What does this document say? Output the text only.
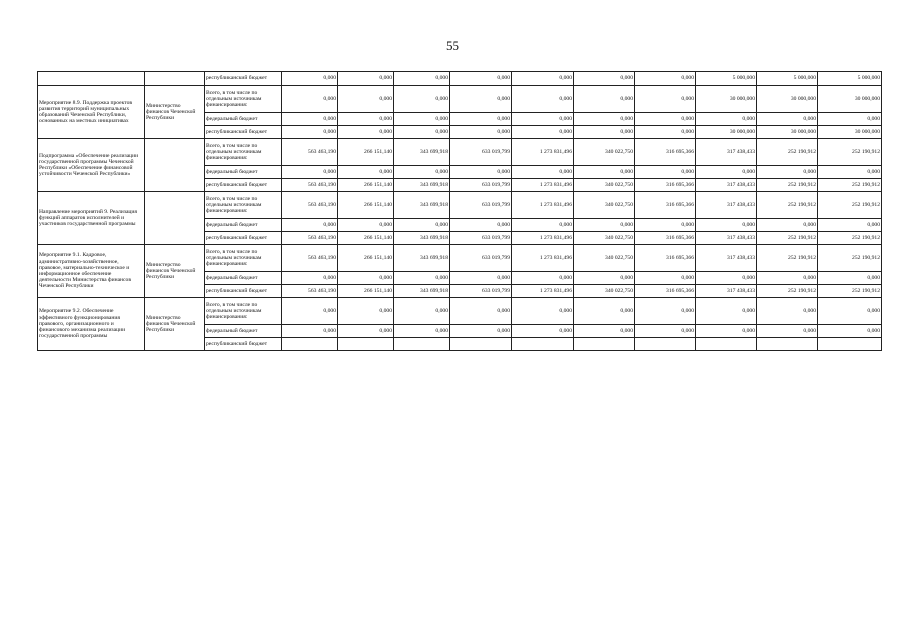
55
		республиканский бюджет	0,000	0,000	0,000	0,000	0,000	0,000	0,000	5 000,000	5 000,000	5 000,000
Мероприятие 8.9. Поддержка проектов развития территорий муниципальных образований Чеченской Республики, основанных на местных инициативах	Министерство финансов Чеченской Республики	Всего, в том числе по отдельным источникам финансирования:	0,000	0,000	0,000	0,000	0,000	0,000	0,000	30 000,000	30 000,000	30 000,000
		федеральный бюджет	0,000	0,000	0,000	0,000	0,000	0,000	0,000	0,000	0,000	0,000
		республиканский бюджет	0,000	0,000	0,000	0,000	0,000	0,000	0,000	30 000,000	30 000,000	30 000,000
Подпрограмма «Обеспечение реализации государственной программы Чеченской Республики «Обеспечение финансовой устойчивости Чеченской Республики»		Всего, в том числе по отдельным источникам финансирования:	563 463,190	266 151,140	343 699,918	633 019,799	1 273 831,496	340 022,750	316 695,366	317 438,433	252 190,912	252 190,912
		федеральный бюджет	0,000	0,000	0,000	0,000	0,000	0,000	0,000	0,000	0,000	0,000
		республиканский бюджет	563 463,190	266 151,140	343 699,918	633 019,799	1 273 831,496	340 022,750	316 695,366	317 438,433	252 190,912	252 190,912
Направление мероприятий 9. Реализация функций аппаратов исполнителей и участников государственной программы		Всего, в том числе по отдельным источникам финансирования:	563 463,190	266 151,140	343 699,918	633 019,799	1 273 831,496	340 022,750	316 695,366	317 438,433	252 190,912	252 190,912
		федеральный бюджет	0,000	0,000	0,000	0,000	0,000	0,000	0,000	0,000	0,000	0,000
		республиканский бюджет	563 463,190	266 151,140	343 699,918	633 019,799	1 273 831,496	340 022,750	316 695,366	317 438,433	252 190,912	252 190,912
Мероприятие 9.1. Кадровое, административно-хозяйственное, правовое, материально-техническое и информационное обеспечение деятельности Министерства финансов Чеченской Республики	Министерство финансов Чеченской Республики	Всего, в том числе по отдельным источникам финансирования:	563 463,190	266 151,140	343 699,918	633 019,799	1 273 831,496	340 022,750	316 695,366	317 438,433	252 190,912	252 190,912
		федеральный бюджет	0,000	0,000	0,000	0,000	0,000	0,000	0,000	0,000	0,000	0,000
		республиканский бюджет	563 463,190	266 151,140	343 699,918	633 019,799	1 273 831,496	340 022,750	316 695,366	317 438,433	252 190,912	252 190,912
Мероприятие 9.2. Обеспечение эффективного функционирования правового, организационного и финансового механизма реализации государственной программы	Министерство финансов Чеченской Республики	Всего, в том числе по отдельным источникам финансирования:	0,000	0,000	0,000	0,000	0,000	0,000	0,000	0,000	0,000	0,000
		федеральный бюджет	0,000	0,000	0,000	0,000	0,000	0,000	0,000	0,000	0,000	0,000
		республиканский бюджет										
